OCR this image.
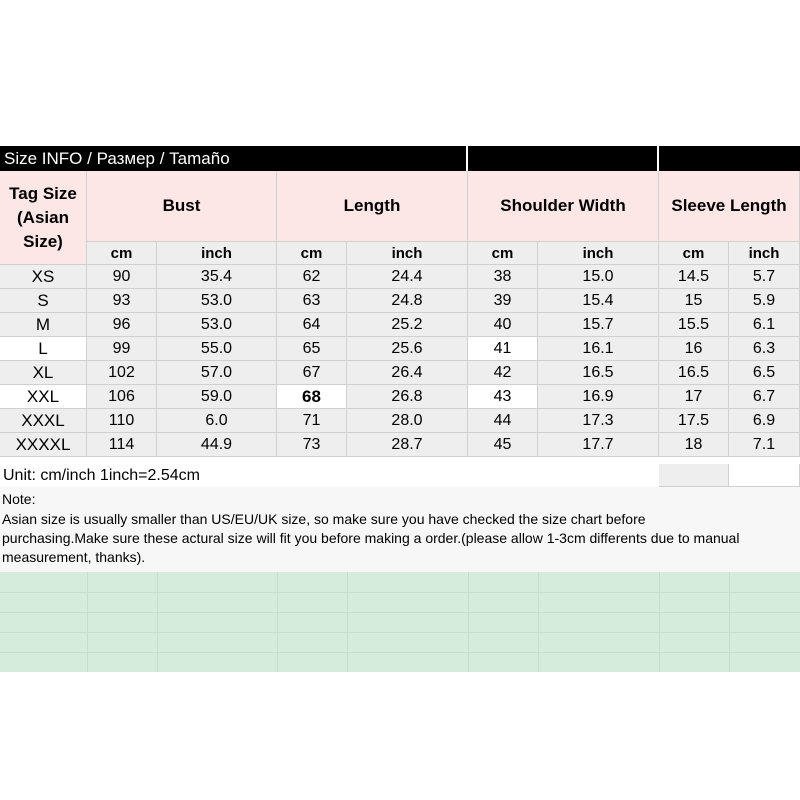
Size INFO / Размер / Tamaño
Tag Size (Asian Size)
Bust	Length	Shoulder Width	Sleeve Length
cm	inch	cm	inch	cm	inch	cm	inch
XS	90	35.4	62	24.4	38	15.0	14.5	5.7
S	93	53.0	63	24.8	39	15.4	15	5.9
M	96	53.0	64	25.2	40	15.7	15.5	6.1
L	99	55.0	65	25.6	41	16.1	16	6.3
XL	102	57.0	67	26.4	42	16.5	16.5	6.5
XXL	106	59.0	68	26.8	43	16.9	17	6.7
XXXL	110	6.0	71	28.0	44	17.3	17.5	6.9
XXXXL	114	44.9	73	28.7	45	17.7	18	7.1
Unit: cm/inch 1inch=2.54cm
Note:
Asian size is usually smaller than US/EU/UK size, so make sure you have checked the size chart before
purchasing.Make sure these actural size will fit you before making a order.(please allow 1-3cm differents due to manual
measurement, thanks).
